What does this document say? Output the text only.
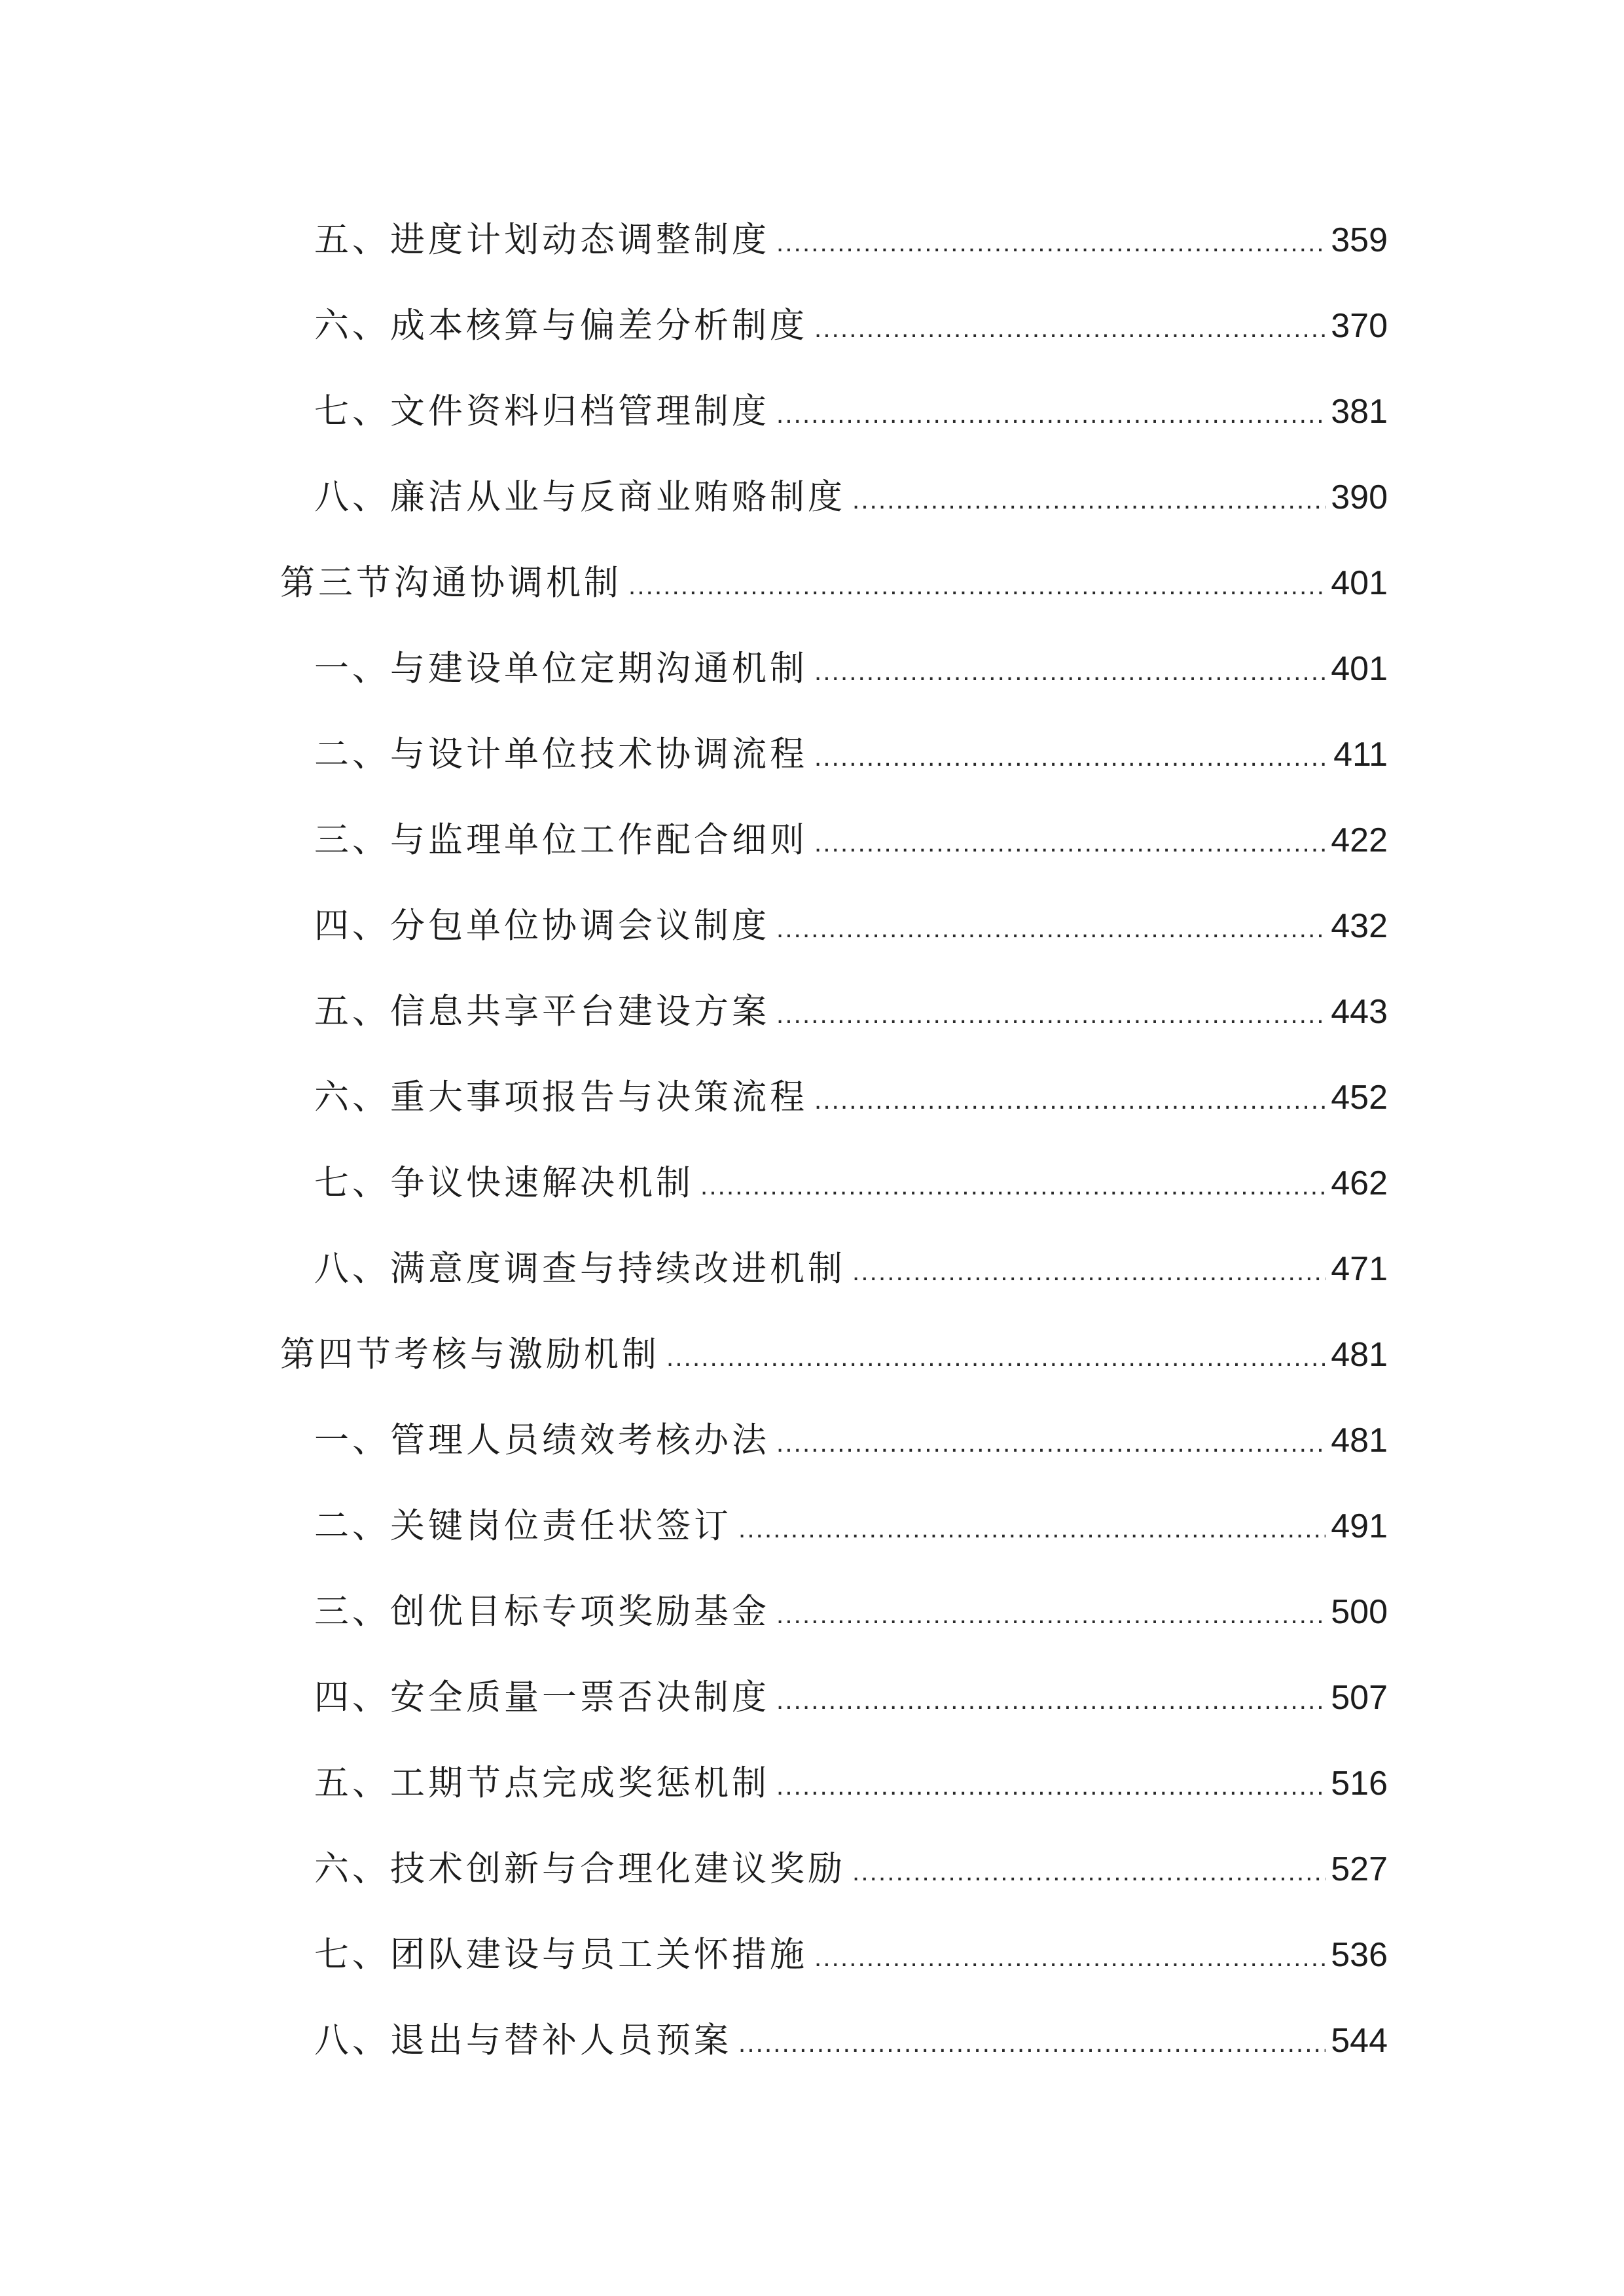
五、进度计划动态调整制度 .....	359
六、成本核算与偏差分析制度 .....	370
七、文件资料归档管理制度 .....	381
八、廉洁从业与反商业贿赂制度 .....	390
第三节沟通协调机制 .....	401
一、与建设单位定期沟通机制 .....	401
二、与设计单位技术协调流程 .....	411
三、与监理单位工作配合细则 .....	422
四、分包单位协调会议制度 .....	432
五、信息共享平台建设方案 .....	443
六、重大事项报告与决策流程 .....	452
七、争议快速解决机制 .....	462
八、满意度调查与持续改进机制 .....	471
第四节考核与激励机制 .....	481
一、管理人员绩效考核办法 .....	481
二、关键岗位责任状签订 .....	491
三、创优目标专项奖励基金 .....	500
四、安全质量一票否决制度 .....	507
五、工期节点完成奖惩机制 .....	516
六、技术创新与合理化建议奖励 .....	527
七、团队建设与员工关怀措施 .....	536
八、退出与替补人员预案 .....	544
